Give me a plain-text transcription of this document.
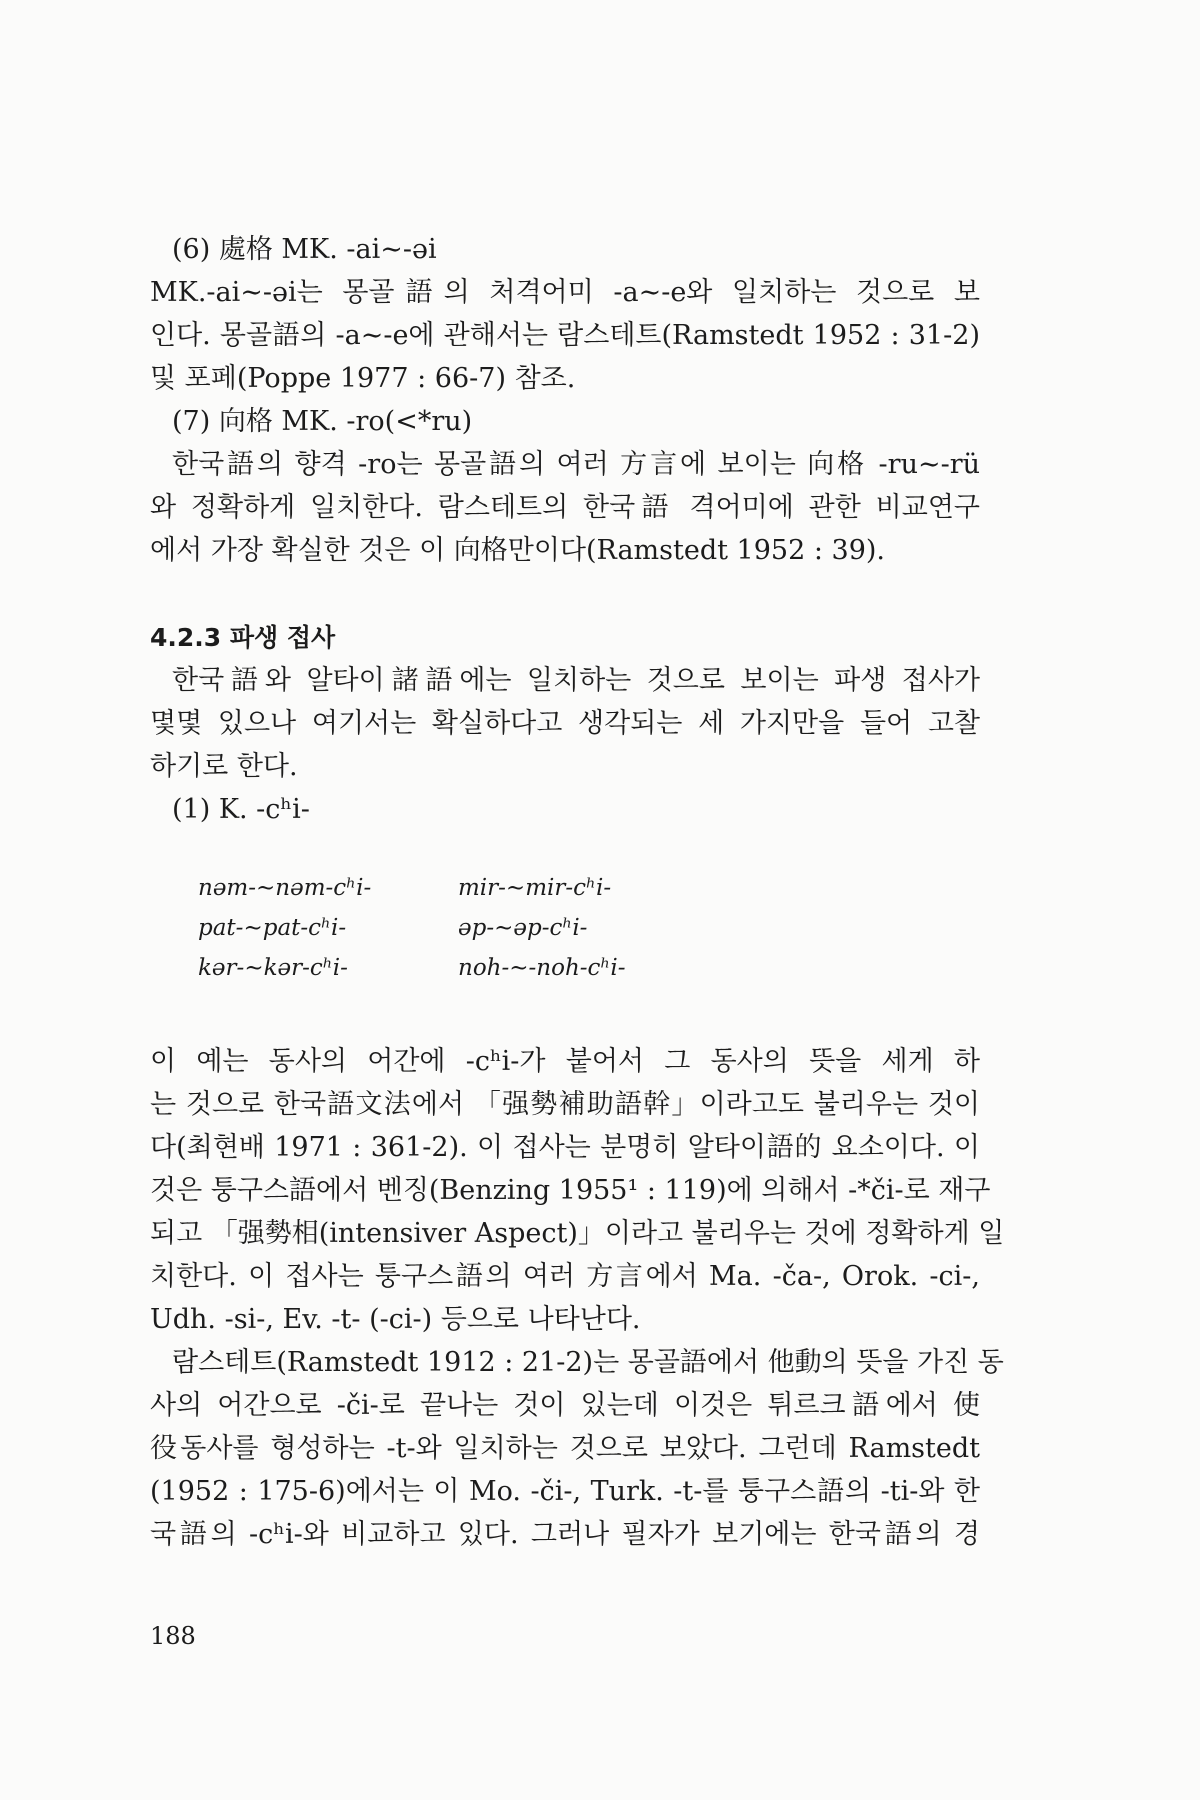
(6) 處格 MK. -ai∼-əi
MK.-ai∼-əi는 몽골語의 처격어미 -a∼-e와 일치하는 것으로 보
인다. 몽골語의 -a∼-e에 관해서는 람스테트(Ramstedt 1952 : 31-2)
및 포페(Poppe 1977 : 66-7) 참조.
(7) 向格 MK. -ro(<*ru)
한국語의 향격 -ro는 몽골語의 여러 方言에 보이는 向格 -ru∼-rü
와 정확하게 일치한다. 람스테트의 한국語 격어미에 관한 비교연구
에서 가장 확실한 것은 이 向格만이다(Ramstedt 1952 : 39).
4.2.3 파생 접사
한국語와 알타이諸語에는 일치하는 것으로 보이는 파생 접사가
몇몇 있으나 여기서는 확실하다고 생각되는 세 가지만을 들어 고찰
하기로 한다.
(1) K. -cʰi-
nəm-∼nəm-cʰi-	mir-∼mir-cʰi-
pat-∼pat-cʰi-	əp-∼əp-cʰi-
kər-∼kər-cʰi-	noh-∼-noh-cʰi-
이 예는 동사의 어간에 -cʰi-가 붙어서 그 동사의 뜻을 세게 하
는 것으로 한국語文法에서 「强勢補助語幹」이라고도 불리우는 것이
다(최현배 1971 : 361-2). 이 접사는 분명히 알타이語的 요소이다. 이
것은 퉁구스語에서 벤징(Benzing 1955¹ : 119)에 의해서 -*či-로 재구
되고 「强勢相(intensiver Aspect)」이라고 불리우는 것에 정확하게 일
치한다. 이 접사는 퉁구스語의 여러 方言에서 Ma. -ča-, Orok. -ci-,
Udh. -si-, Ev. -t- (-ci-) 등으로 나타난다.
람스테트(Ramstedt 1912 : 21-2)는 몽골語에서 他動의 뜻을 가진 동
사의 어간으로 -či-로 끝나는 것이 있는데 이것은 튀르크語에서 使
役동사를 형성하는 -t-와 일치하는 것으로 보았다. 그런데 Ramstedt
(1952 : 175-6)에서는 이 Mo. -či-, Turk. -t-를 퉁구스語의 -ti-와 한
국語의 -cʰi-와 비교하고 있다. 그러나 필자가 보기에는 한국語의 경
188
